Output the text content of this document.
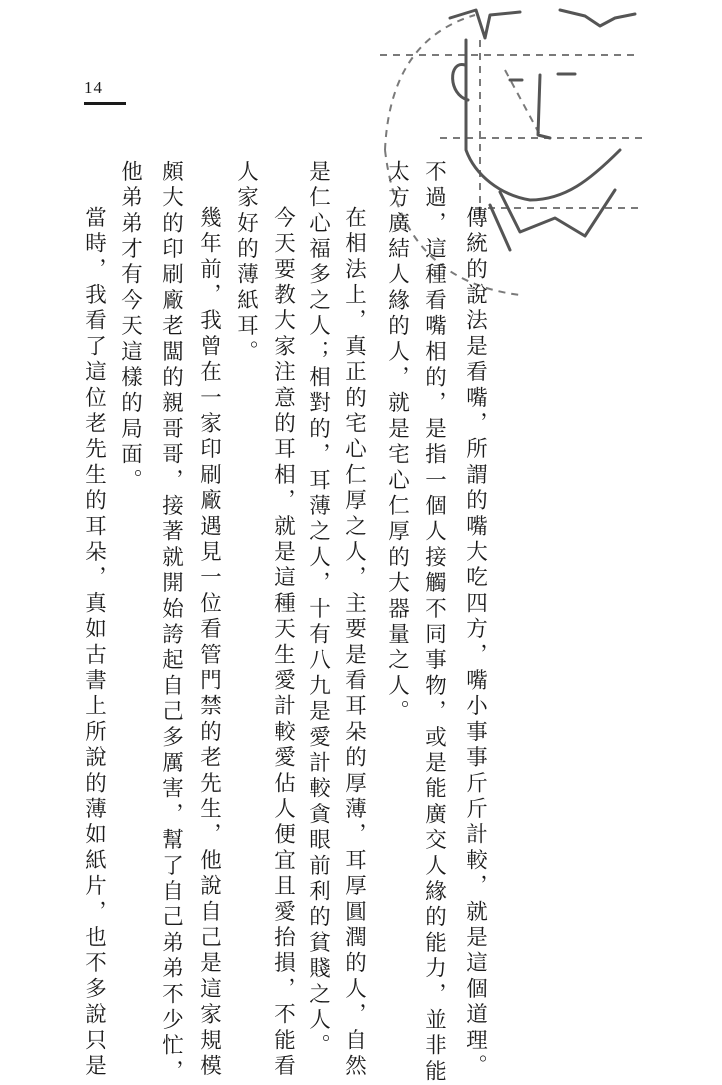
14
傳統的說法是看嘴，所謂的嘴大吃四方，嘴小事事斤斤計較，就是這個道理。
不過，這種看嘴相的，是指一個人接觸不同事物，或是能廣交人緣的能力，並非能
太方廣結人緣的人，就是宅心仁厚的大器量之人。
在相法上，真正的宅心仁厚之人，主要是看耳朵的厚薄，耳厚圓潤的人，自然
是仁心福多之人；相對的，耳薄之人，十有八九是愛計較貪眼前利的貧賤之人。
今天要教大家注意的耳相，就是這種天生愛計較愛佔人便宜且愛抬損，不能看
人家好的薄紙耳。
幾年前，我曾在一家印刷廠遇見一位看管門禁的老先生，他說自己是這家規模
頗大的印刷廠老闆的親哥哥，接著就開始誇起自己多厲害，幫了自己弟弟不少忙，
他弟弟才有今天這樣的局面。
當時，我看了這位老先生的耳朵，真如古書上所說的薄如紙片，也不多說只是
